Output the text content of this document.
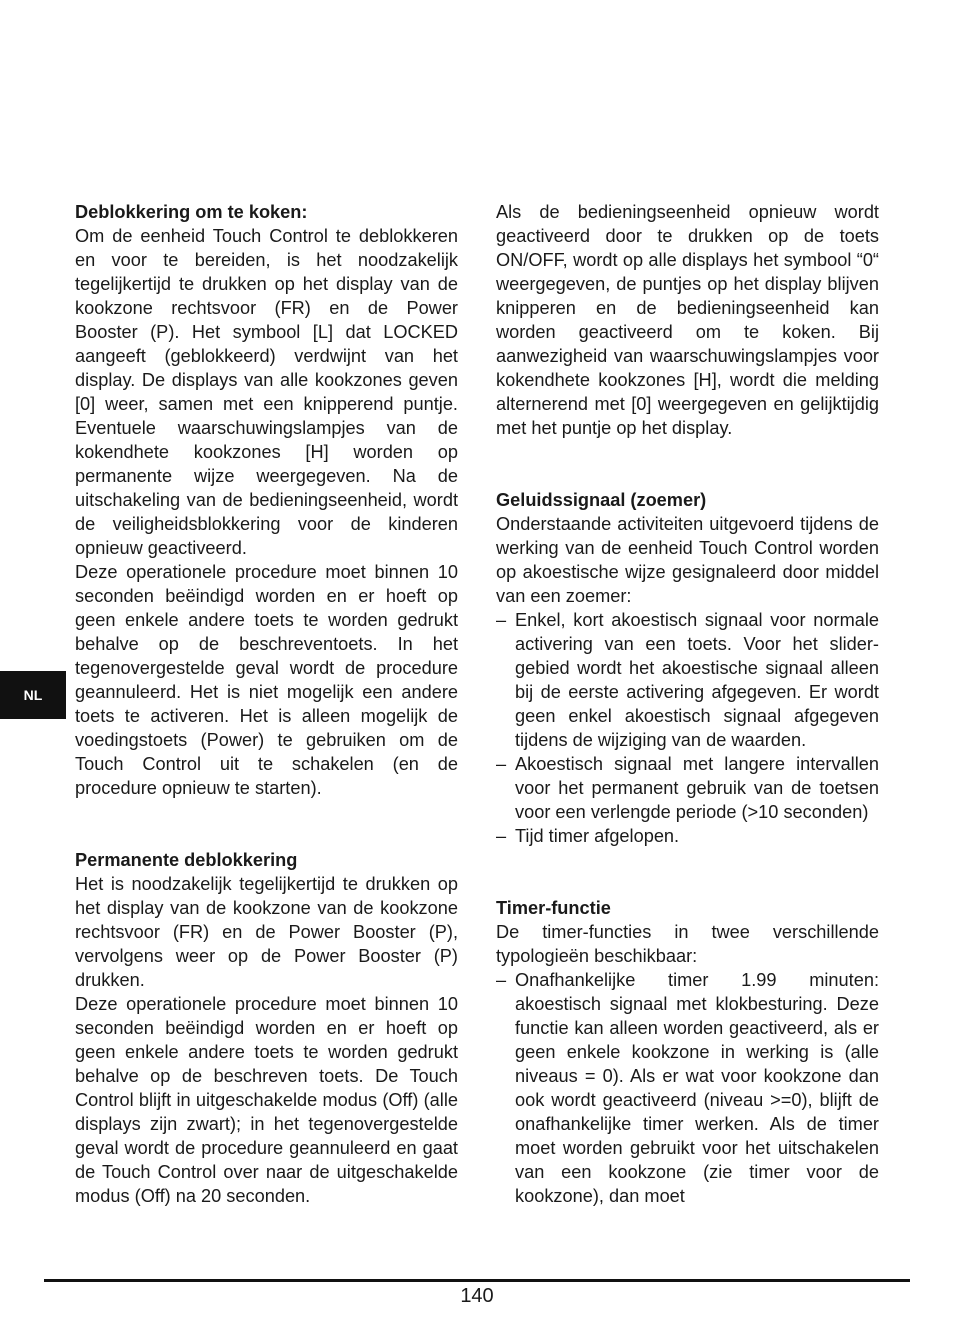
NL
Deblokkering om te koken:

Om de eenheid Touch Control te deblokkeren en voor te bereiden, is het noodzakelijk tegelijkertijd te drukken op het display van de kookzone rechtsvoor (FR) en de Power Booster (P). Het symbool [L] dat LOCKED aangeeft (geblokkeerd) verdwijnt van het display. De displays van alle kookzones geven [0] weer, samen met een knipperend puntje. Eventuele waarschuwingslampjes van de kokendhete kookzones [H] worden op permanente wijze weergegeven. Na de uitschakeling van de bedieningseenheid, wordt de veiligheidsblokkering voor de kinderen opnieuw geactiveerd.

Deze operationele procedure moet binnen 10 seconden beëindigd worden en er hoeft op geen enkele andere toets te worden gedrukt behalve op de beschreventoets. In het tegenovergestelde geval wordt de procedure geannuleerd. Het is niet mogelijk een andere toets te activeren. Het is alleen mogelijk de voedingstoets (Power) te gebruiken om de Touch Control uit te schakelen (en de procedure opnieuw te starten).

Permanente deblokkering

Het is noodzakelijk tegelijkertijd te drukken op het display van de kookzone van de kookzone rechtsvoor (FR) en de Power Booster (P), vervolgens weer op de Power Booster (P) drukken.

Deze operationele procedure moet binnen 10 seconden beëindigd worden en er hoeft op geen enkele andere toets te worden gedrukt behalve op de beschreven toets. De Touch Control blijft in uitgeschakelde modus (Off) (alle displays zijn zwart); in het tegenovergestelde geval wordt de procedure geannuleerd en gaat de Touch Control over naar de uitgeschakelde modus (Off) na 20 seconden.

Als de bedieningseenheid opnieuw wordt geactiveerd door te drukken op de toets ON/OFF, wordt op alle displays het symbool “0“ weergegeven, de puntjes op het display blijven knipperen en de bedieningseenheid kan worden geactiveerd om te koken. Bij aanwezigheid van waarschuwingslampjes voor kokendhete kookzones [H], wordt die melding alternerend met [0] weergegeven en gelijktijdig met het puntje op het display.

Geluidssignaal (zoemer)

Onderstaande activiteiten uitgevoerd tijdens de werking van de eenheid Touch Control worden op akoestische wijze gesignaleerd door middel van een zoemer:

– Enkel, kort akoestisch signaal voor normale activering van een toets. Voor het slider-gebied wordt het akoestische signaal alleen bij de eerste activering afgegeven. Er wordt geen enkel akoestisch signaal afgegeven tijdens de wijziging van de waarden.
– Akoestisch signaal met langere intervallen voor het permanent gebruik van de toetsen voor een verlengde periode (>10 seconden)
– Tijd timer afgelopen.
Timer-functie

De timer-functies in twee verschillende typologieën beschikbaar:

– Onafhankelijke timer 1.99 minuten: akoestisch signaal met klokbesturing. Deze functie kan alleen worden geactiveerd, als er geen enkele kookzone in werking is (alle niveaus = 0). Als er wat voor kookzone dan ook wordt geactiveerd (niveau >=0), blijft de onafhankelijke timer werken. Als de timer moet worden gebruikt voor het uitschakelen van een kookzone (zie timer voor de kookzone), dan moet
140
